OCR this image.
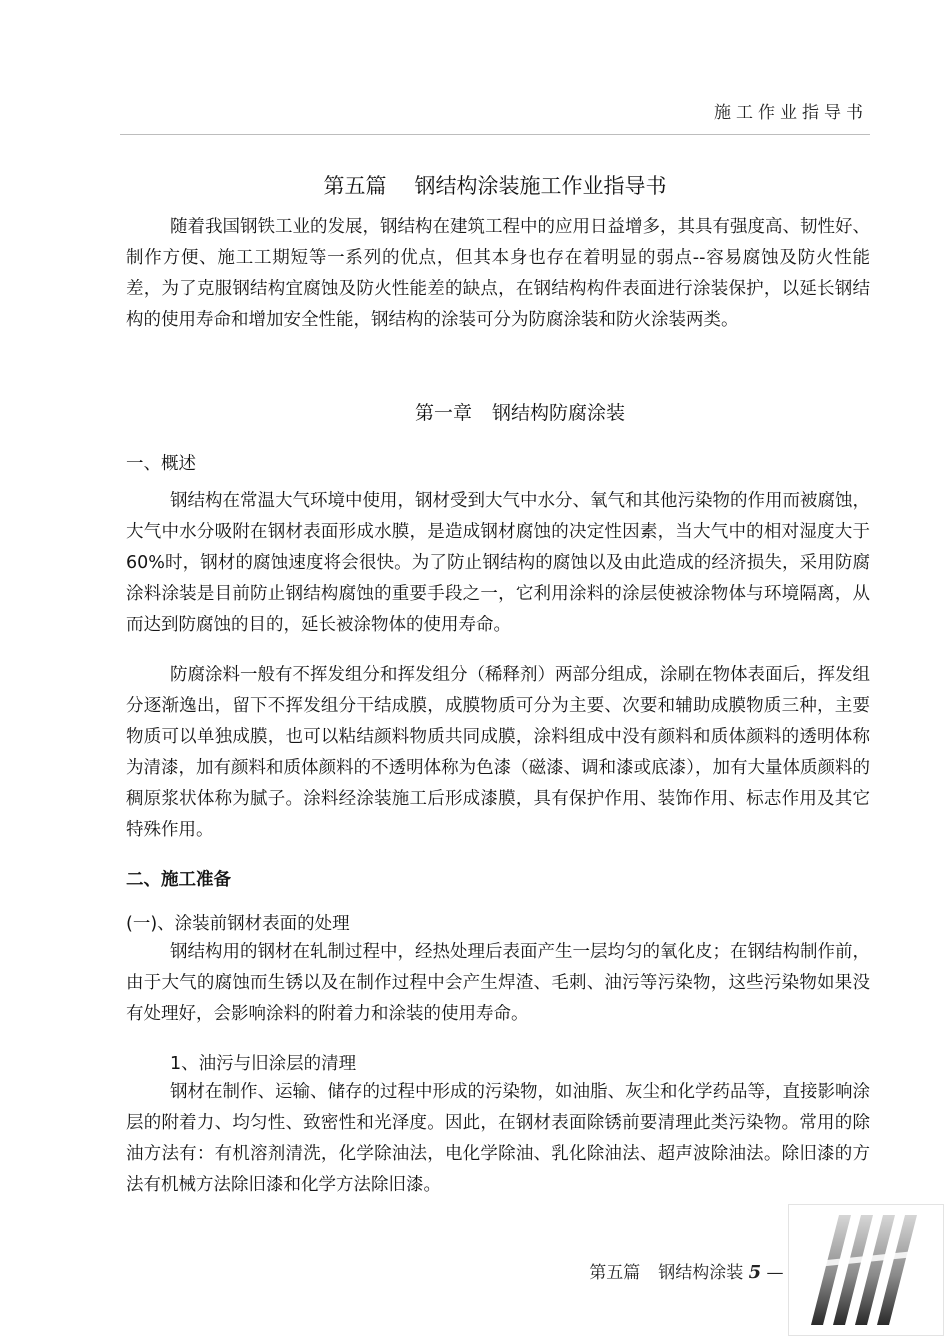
施工作业指导书
第五篇 钢结构涂装施工作业指导书

随着我国钢铁工业的发展，钢结构在建筑工程中的应用日益增多，其具有强度高、韧性好、制作方便、施工工期短等一系列的优点，但其本身也存在着明显的弱点--容易腐蚀及防火性能差，为了克服钢结构宜腐蚀及防火性能差的缺点，在钢结构构件表面进行涂装保护，以延长钢结构的使用寿命和增加安全性能，钢结构的涂装可分为防腐涂装和防火涂装两类。

第一章 钢结构防腐涂装
一、概述

钢结构在常温大气环境中使用，钢材受到大气中水分、氧气和其他污染物的作用而被腐蚀，大气中水分吸附在钢材表面形成水膜，是造成钢材腐蚀的决定性因素，当大气中的相对湿度大于 60%时，钢材的腐蚀速度将会很快。为了防止钢结构的腐蚀以及由此造成的经济损失，采用防腐涂料涂装是目前防止钢结构腐蚀的重要手段之一，它利用涂料的涂层使被涂物体与环境隔离，从而达到防腐蚀的目的，延长被涂物体的使用寿命。

防腐涂料一般有不挥发组分和挥发组分（稀释剂）两部分组成，涂刷在物体表面后，挥发组分逐渐逸出，留下不挥发组分干结成膜，成膜物质可分为主要、次要和辅助成膜物质三种，主要物质可以单独成膜，也可以粘结颜料物质共同成膜，涂料组成中没有颜料和质体颜料的透明体称为清漆，加有颜料和质体颜料的不透明体称为色漆（磁漆、调和漆或底漆），加有大量体质颜料的稠原浆状体称为腻子。涂料经涂装施工后形成漆膜，具有保护作用、装饰作用、标志作用及其它特殊作用。

二、施工准备
(一)、涂装前钢材表面的处理

钢结构用的钢材在轧制过程中，经热处理后表面产生一层均匀的氧化皮；在钢结构制作前，由于大气的腐蚀而生锈以及在制作过程中会产生焊渣、毛刺、油污等污染物，这些污染物如果没有处理好，会影响涂料的附着力和涂装的使用寿命。

1、油污与旧涂层的清理

钢材在制作、运输、储存的过程中形成的污染物，如油脂、灰尘和化学药品等，直接影响涂层的附着力、均匀性、致密性和光泽度。因此，在钢材表面除锈前要清理此类污染物。常用的除油方法有：有机溶剂清洗，化学除油法，电化学除油、乳化除油法、超声波除油法。除旧漆的方法有机械方法除旧漆和化学方法除旧漆。

第五篇 钢结构涂装 5 —
